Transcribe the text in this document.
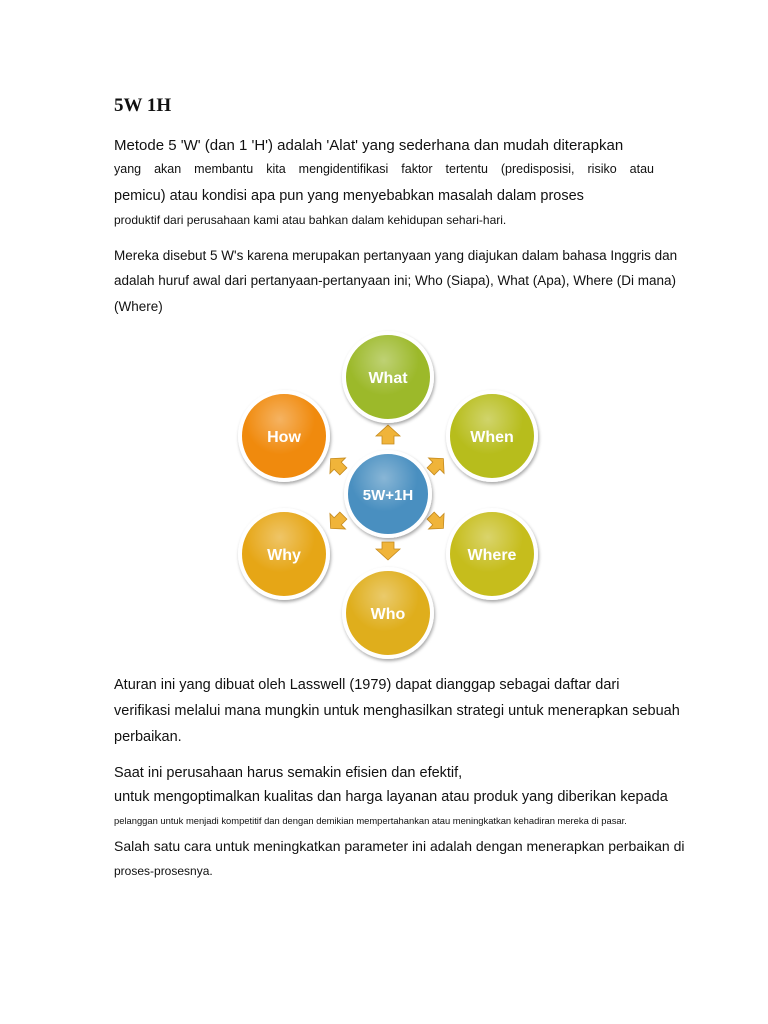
5W 1H

Metode 5 'W' (dan 1 'H') adalah 'Alat' yang sederhana dan mudah diterapkan

yang akan membantu kita mengidentifikasi faktor tertentu (predisposisi, risiko atau

pemicu) atau kondisi apa pun yang menyebabkan masalah dalam proses

produktif dari perusahaan kami atau bahkan dalam kehidupan sehari-hari.

Mereka disebut 5 W's karena merupakan pertanyaan yang diajukan dalam bahasa Inggris dan

adalah huruf awal dari pertanyaan-pertanyaan ini; Who (Siapa), What (Apa), Where (Di mana)

(Where)

What
When
Where
Who
Why
How
5W+1H

Aturan ini yang dibuat oleh Lasswell (1979) dapat dianggap sebagai daftar dari

verifikasi melalui mana mungkin untuk menghasilkan strategi untuk menerapkan sebuah

perbaikan.

Saat ini perusahaan harus semakin efisien dan efektif,

untuk mengoptimalkan kualitas dan harga layanan atau produk yang diberikan kepada

pelanggan untuk menjadi kompetitif dan dengan demikian mempertahankan atau meningkatkan kehadiran mereka di pasar.

Salah satu cara untuk meningkatkan parameter ini adalah dengan menerapkan perbaikan di

proses-prosesnya.
